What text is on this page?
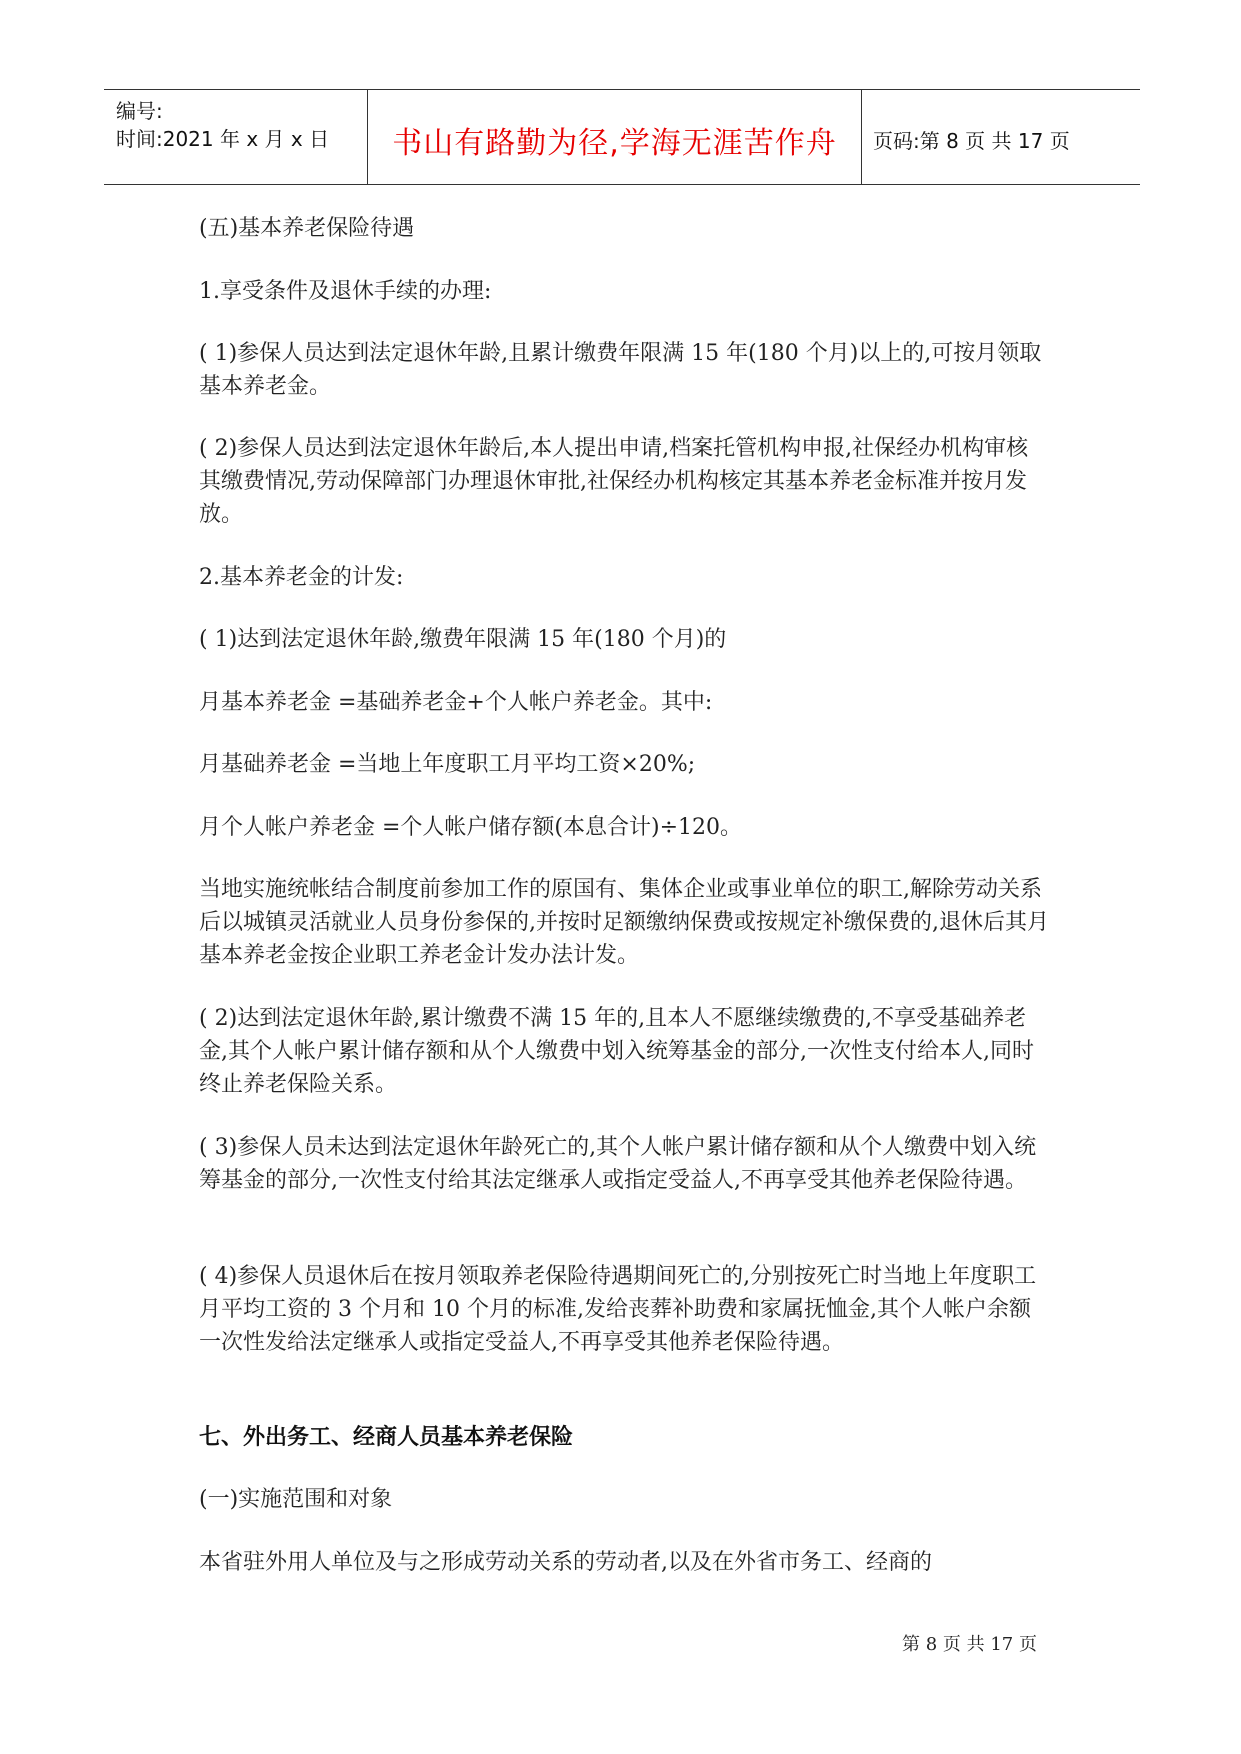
编号:
时间:2021 年 x 月 x 日	书山有路勤为径,学海无涯苦作舟	页码:第 8 页 共 17 页
(五)基本养老保险待遇
1.享受条件及退休手续的办理:
( 1)参保人员达到法定退休年龄,且累计缴费年限满 15 年(180 个月)以上的,可按月领取基本养老金。
( 2)参保人员达到法定退休年龄后,本人提出申请,档案托管机构申报,社保经办机构审核其缴费情况,劳动保障部门办理退休审批,社保经办机构核定其基本养老金标准并按月发放。
2.基本养老金的计发:
( 1)达到法定退休年龄,缴费年限满 15 年(180 个月)的
月基本养老金 =基础养老金+个人帐户养老金。其中:
月基础养老金 =当地上年度职工月平均工资×20%;
月个人帐户养老金 =个人帐户储存额(本息合计)÷120。
当地实施统帐结合制度前参加工作的原国有、集体企业或事业单位的职工,解除劳动关系后以城镇灵活就业人员身份参保的,并按时足额缴纳保费或按规定补缴保费的,退休后其月基本养老金按企业职工养老金计发办法计发。
( 2)达到法定退休年龄,累计缴费不满 15 年的,且本人不愿继续缴费的,不享受基础养老金,其个人帐户累计储存额和从个人缴费中划入统筹基金的部分,一次性支付给本人,同时终止养老保险关系。
( 3)参保人员未达到法定退休年龄死亡的,其个人帐户累计储存额和从个人缴费中划入统筹基金的部分,一次性支付给其法定继承人或指定受益人,不再享受其他养老保险待遇。
( 4)参保人员退休后在按月领取养老保险待遇期间死亡的,分别按死亡时当地上年度职工月平均工资的 3 个月和 10 个月的标准,发给丧葬补助费和家属抚恤金,其个人帐户余额一次性发给法定继承人或指定受益人,不再享受其他养老保险待遇。
七、外出务工、经商人员基本养老保险
(一)实施范围和对象
本省驻外用人单位及与之形成劳动关系的劳动者,以及在外省市务工、经商的
第 8 页 共 17 页
